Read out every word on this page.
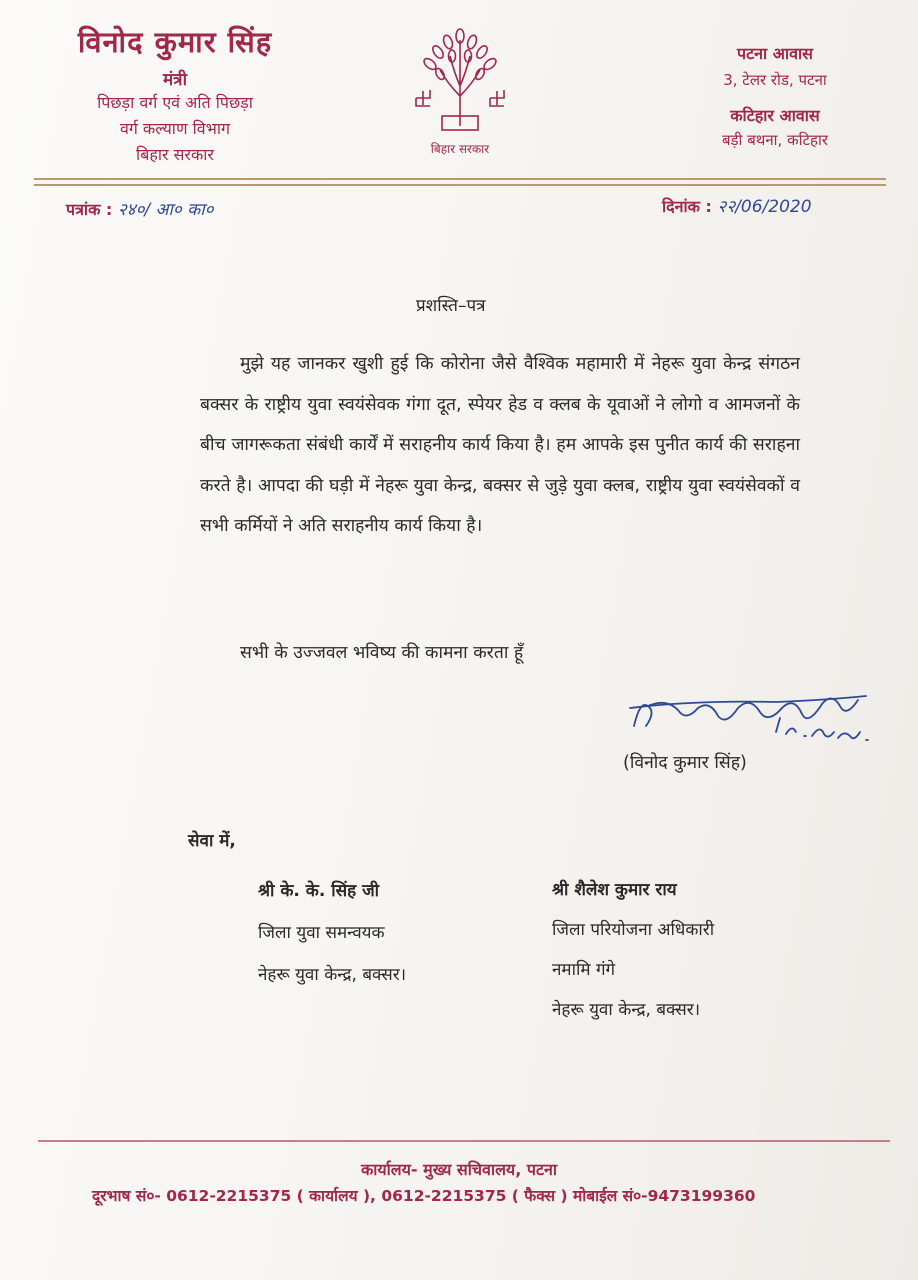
विनोद कुमार सिंह
मंत्री
पिछड़ा वर्ग एवं अति पिछड़ा
वर्ग कल्याण विभाग
बिहार सरकार	बिहार सरकार
पटना आवास
3, टेलर रोड, पटना
कटिहार आवास
बड़ी बथना, कटिहार
पत्रांक : २४०/ आ० का०	दिनांक : २२/06/2020
प्रशस्ति–पत्र

मुझे यह जानकर खुशी हुई कि कोरोना जैसे वैश्विक महामारी में नेहरू युवा केन्द्र संगठन बक्सर के राष्ट्रीय युवा स्वयंसेवक गंगा दूत, स्पेयर हेड व क्लब के यूवाओं ने लोगो व आमजनों के बीच जागरूकता संबंधी कार्यें में सराहनीय कार्य किया है। हम आपके इस पुनीत कार्य की सराहना करते है। आपदा की घड़ी में नेहरू युवा केन्द्र, बक्सर से जुड़े युवा क्लब, राष्ट्रीय युवा स्वयंसेवकों व सभी कर्मियों ने अति सराहनीय कार्य किया है।

सभी के उज्जवल भविष्य की कामना करता हूँ
(विनोद कुमार सिंह)
सेवा में,
श्री के. के. सिंह जी
जिला युवा समन्वयक
नेहरू युवा केन्द्र, बक्सर।
श्री शैलेश कुमार राय
जिला परियोजना अधिकारी
नमामि गंगे
नेहरू युवा केन्द्र, बक्सर।
कार्यालय- मुख्य सचिवालय, पटना
दूरभाष सं०- 0612-2215375 ( कार्यालय ), 0612-2215375 ( फैक्स ) मोबाईल सं०-9473199360
